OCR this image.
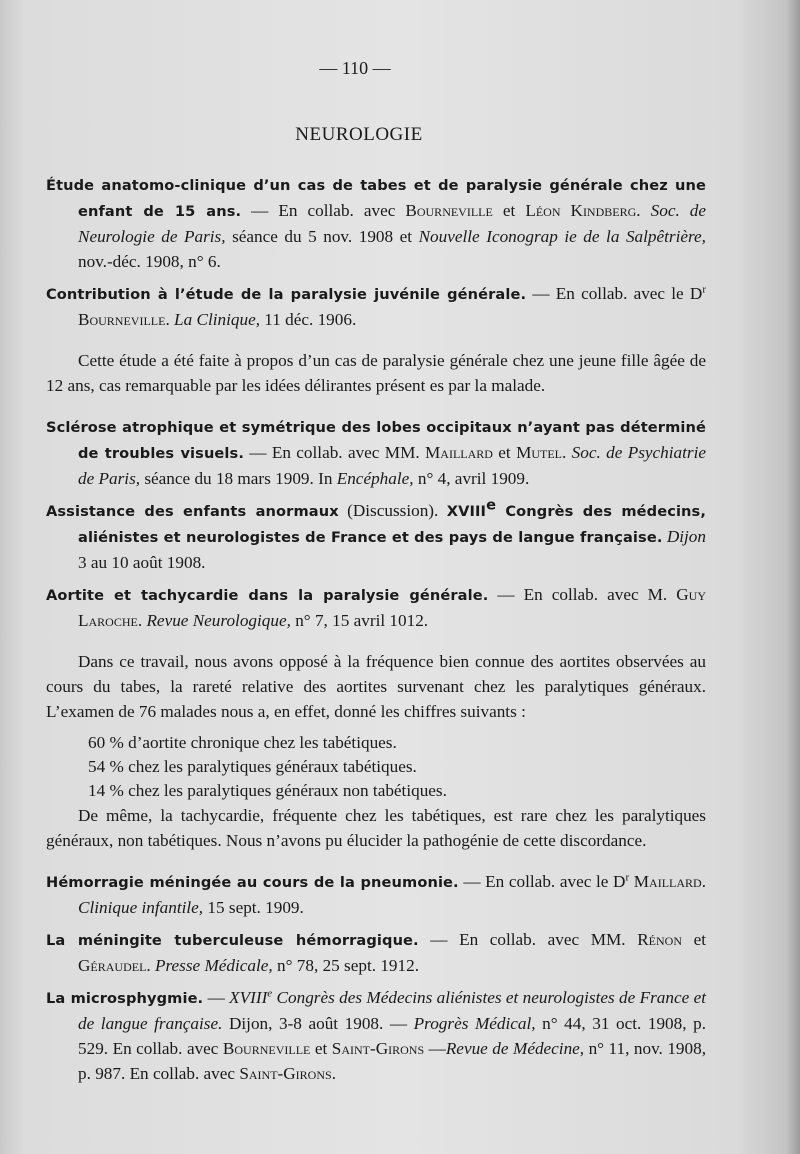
— 110 —
NEUROLOGIE

Étude anatomo-clinique d’un cas de tabes et de paralysie générale chez une enfant de 15 ans. — En collab. avec Bourneville et Léon Kindberg. Soc. de Neurologie de Paris, séance du 5 nov. 1908 et Nouvelle Iconograp ie de la Salpêtrière, nov.-déc. 1908, n° 6.

Contribution à l’étude de la paralysie juvénile générale. — En collab. avec le $D^r$ Bourneville. La Clinique, 11 déc. 1906.

Cette étude a été faite à propos d’un cas de paralysie générale chez une jeune fille âgée de 12 ans, cas remarquable par les idées délirantes présent es par la malade.

Sclérose atrophique et symétrique des lobes occipitaux n’ayant pas déterminé de troubles visuels. — En collab. avec MM. Maillard et Mutel. Soc. de Psychiatrie de Paris, séance du 18 mars 1909. In Encéphale, n° 4, avril 1909.

Assistance des enfants anormaux (Discussion). XVIIIe Congrès des médecins, aliénistes et neurologistes de France et des pays de langue française. Dijon 3 au 10 août 1908.

Aortite et tachycardie dans la paralysie générale. — En collab. avec M. Guy Laroche. Revue Neurologique, n° 7, 15 avril 1012.

Dans ce travail, nous avons opposé à la fréquence bien connue des aortites observées au cours du tabes, la rareté relative des aortites survenant chez les paralytiques généraux. L’examen de 76 malades nous a, en effet, donné les chiffres suivants :

60 % d’aortite chronique chez les tabétiques.
54 % chez les paralytiques généraux tabétiques.
14 % chez les paralytiques généraux non tabétiques.

De même, la tachycardie, fréquente chez les tabétiques, est rare chez les paralytiques généraux, non tabétiques. Nous n’avons pu élucider la pathogénie de cette discordance.

Hémorragie méningée au cours de la pneumonie. — En collab. avec le $D^r$ Maillard. Clinique infantile, 15 sept. 1909.

La méningite tuberculeuse hémorragique. — En collab. avec MM. Rénon et Géraudel. Presse Médicale, n° 78, 25 sept. 1912.

La microsphygmie. — XVIIIe Congrès des Médecins aliénistes et neurologistes de France et de langue française. Dijon, 3-8 août 1908. — Progrès Médical, n° 44, 31 oct. 1908, p. 529. En collab. avec Bourneville et Saint-Girons —Revue de Médecine, n° 11, nov. 1908, p. 987. En collab. avec Saint-Girons.
